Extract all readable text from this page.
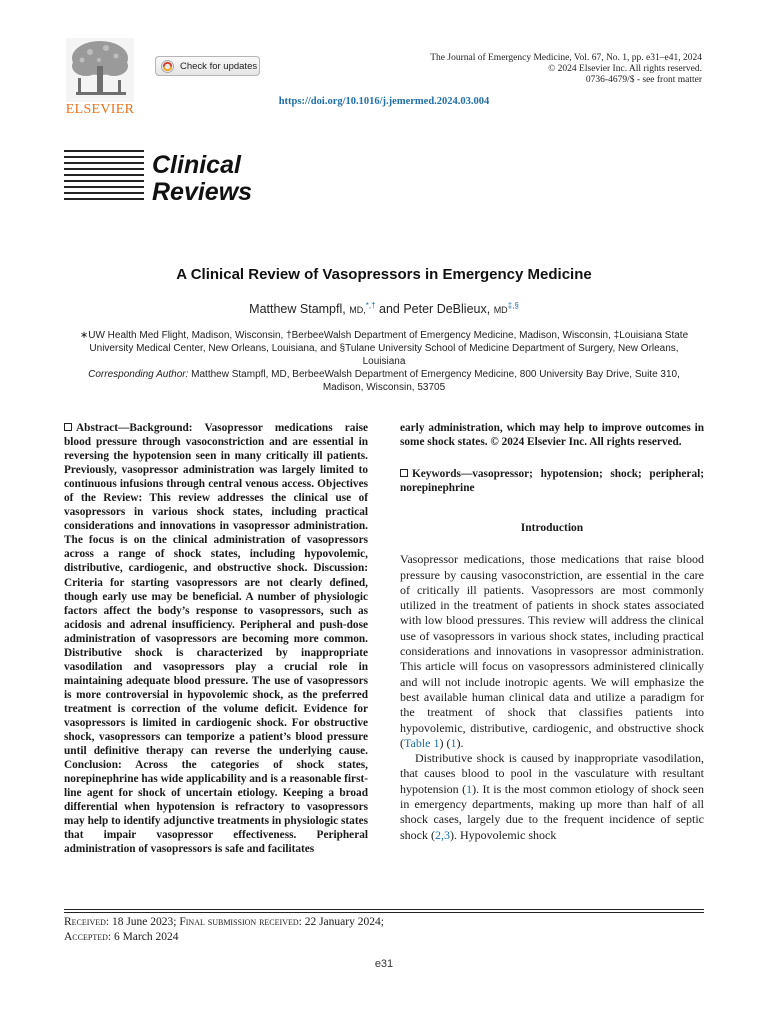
ELSEVIER
Check for updates
The Journal of Emergency Medicine, Vol. 67, No. 1, pp. e31–e41, 2024
© 2024 Elsevier Inc. All rights reserved.
0736-4679/$ - see front matter
https://doi.org/10.1016/j.jemermed.2024.03.004
Clinical
Reviews
A Clinical Review of Vasopressors in Emergency Medicine
Matthew Stampfl, MD,*,† and Peter DeBlieux, MD‡,§
∗UW Health Med Flight, Madison, Wisconsin, †BerbeeWalsh Department of Emergency Medicine, Madison, Wisconsin, ‡Louisiana State University Medical Center, New Orleans, Louisiana, and §Tulane University School of Medicine Department of Surgery, New Orleans, Louisiana
Corresponding Author: Matthew Stampfl, MD, BerbeeWalsh Department of Emergency Medicine, 800 University Bay Drive, Suite 310, Madison, Wisconsin, 53705

Abstract—Background: Vasopressor medications raise blood pressure through vasoconstriction and are essential in reversing the hypotension seen in many critically ill patients. Previously, vasopressor administration was largely limited to continuous infusions through central venous access. Objectives of the Review: This review addresses the clinical use of vasopressors in various shock states, including practical considerations and innovations in vasopressor administration. The focus is on the clinical administration of vasopressors across a range of shock states, including hypovolemic, distributive, cardiogenic, and obstructive shock. Discussion: Criteria for starting vasopressors are not clearly defined, though early use may be beneficial. A number of physiologic factors affect the body’s response to vasopressors, such as acidosis and adrenal insufficiency. Peripheral and push-dose administration of vasopressors are becoming more common. Distributive shock is characterized by inappropriate vasodilation and vasopressors play a crucial role in maintaining adequate blood pressure. The use of vasopressors is more controversial in hypovolemic shock, as the preferred treatment is correction of the volume deficit. Evidence for vasopressors is limited in cardiogenic shock. For obstructive shock, vasopressors can temporize a patient’s blood pressure until definitive therapy can reverse the underlying cause. Conclusion: Across the categories of shock states, norepinephrine has wide applicability and is a reasonable first-line agent for shock of uncertain etiology. Keeping a broad differential when hypotension is refractory to vasopressors may help to identify adjunctive treatments in physiologic states that impair vasopressor effectiveness. Peripheral administration of vasopressors is safe and facilitates

early administration, which may help to improve outcomes in some shock states. © 2024 Elsevier Inc. All rights reserved.

Keywords—vasopressor; hypotension; shock; peripheral; norepinephrine

Introduction

Vasopressor medications, those medications that raise blood pressure by causing vasoconstriction, are essential in the care of critically ill patients. Vasopressors are most commonly utilized in the treatment of patients in shock states associated with low blood pressures. This review will address the clinical use of vasopressors in various shock states, including practical considerations and innovations in vasopressor administration. This article will focus on vasopressors administered clinically and will not include inotropic agents. We will emphasize the best available human clinical data and utilize a paradigm for the treatment of shock that classifies patients into hypovolemic, distributive, cardiogenic, and obstructive shock (Table 1) (1).

Distributive shock is caused by inappropriate vasodilation, that causes blood to pool in the vasculature with resultant hypotension (1). It is the most common etiology of shock seen in emergency departments, making up more than half of all shock cases, largely due to the frequent incidence of septic shock (2,3). Hypovolemic shock

Received: 18 June 2023; Final submission received: 22 January 2024;
Accepted: 6 March 2024
e31
